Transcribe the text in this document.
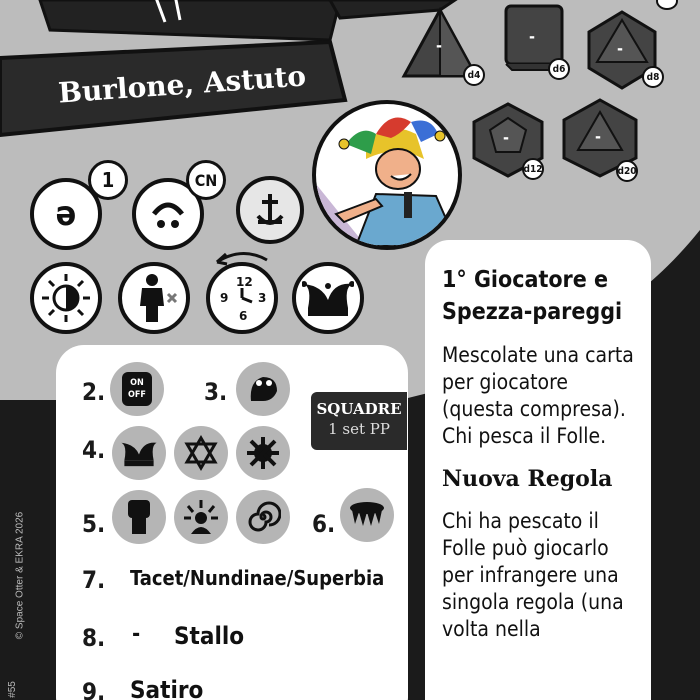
Burlone, Astuto
ə
1	CN
12
9 3
6
-	-
-
-	-
d4
d6
d8
d12	d20
2.	ON
OFF 3.
4.
5.	6.
7. Tacet/Nundinae/Superbia
8. - Stallo
9. Satiro
SQUADRE
1 set PP
1° Giocatore e Spezza-pareggi
Mescolate una carta per giocatore (questa compresa). Chi pesca il Folle.
Nuova Regola
Chi ha pescato il Folle può giocarlo per infrangere una singola regola (una volta nella
© Space Otter & EKRA 2026
#55
